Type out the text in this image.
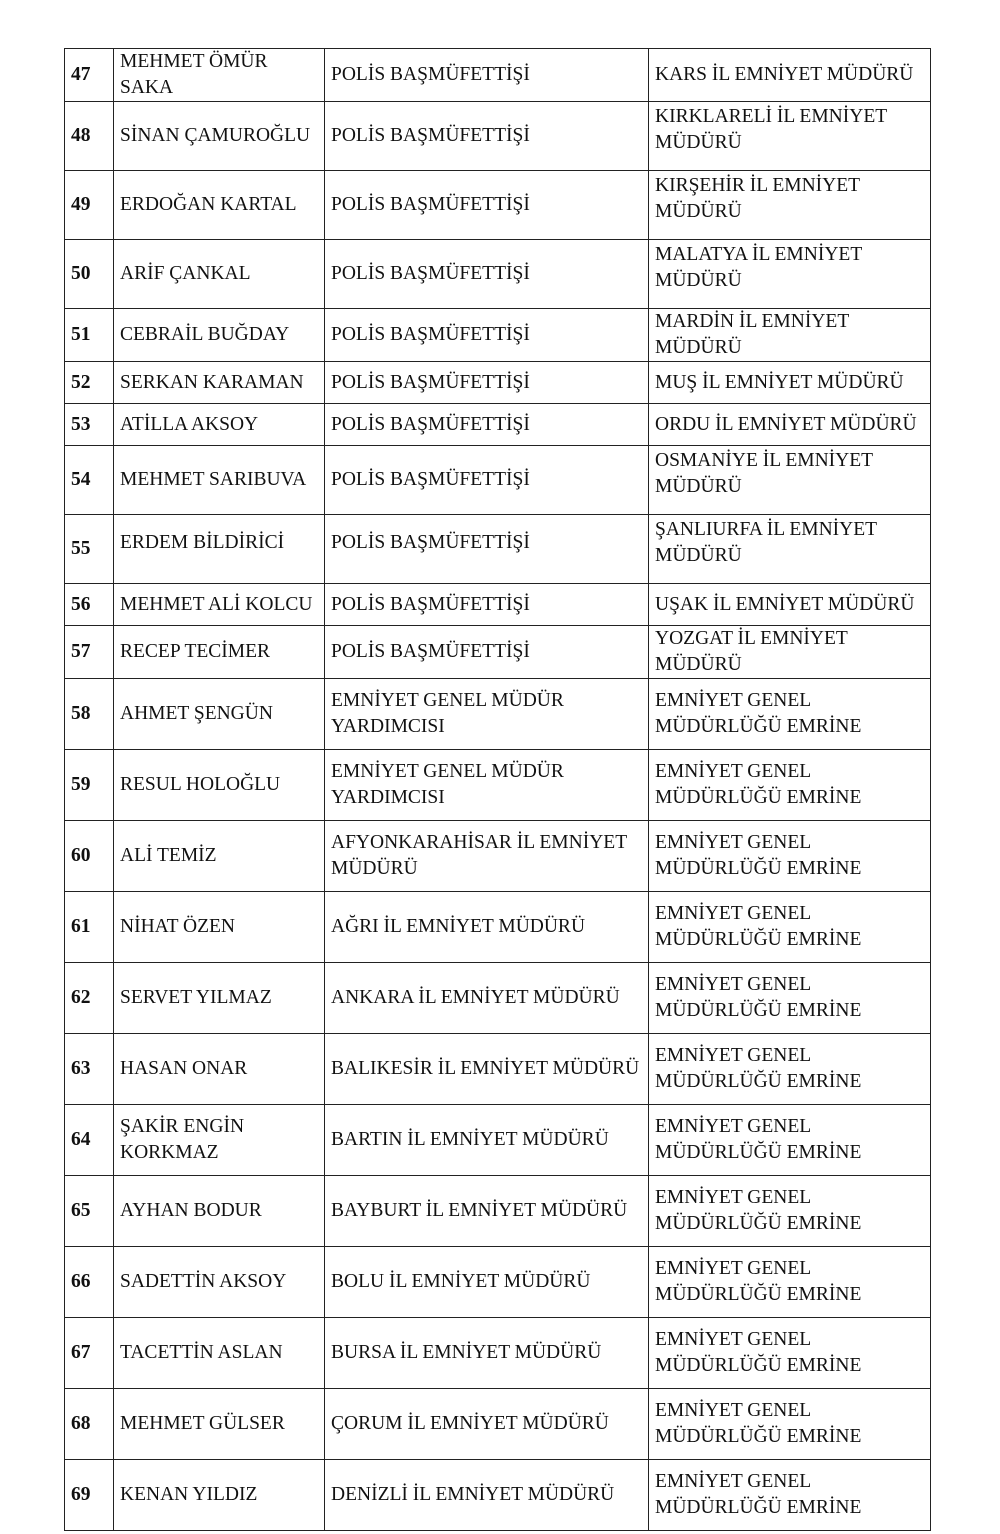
47	MEHMET ÖMÜR SAKA	POLİS BAŞMÜFETTİŞİ	KARS İL EMNİYET MÜDÜRÜ
48	SİNAN ÇAMUROĞLU	POLİS BAŞMÜFETTİŞİ	KIRKLARELİ İL EMNİYET MÜDÜRÜ

49	ERDOĞAN KARTAL	POLİS BAŞMÜFETTİŞİ	KIRŞEHİR İL EMNİYET MÜDÜRÜ

50	ARİF ÇANKAL	POLİS BAŞMÜFETTİŞİ	MALATYA İL EMNİYET MÜDÜRÜ

51	CEBRAİL BUĞDAY	POLİS BAŞMÜFETTİŞİ	MARDİN İL EMNİYET MÜDÜRÜ
52	SERKAN KARAMAN	POLİS BAŞMÜFETTİŞİ	MUŞ İL EMNİYET MÜDÜRÜ
53	ATİLLA AKSOY	POLİS BAŞMÜFETTİŞİ	ORDU İL EMNİYET MÜDÜRÜ
54	MEHMET SARIBUVA	POLİS BAŞMÜFETTİŞİ	OSMANİYE İL EMNİYET MÜDÜRÜ

55	ERDEM BİLDİRİCİ	POLİS BAŞMÜFETTİŞİ	ŞANLIURFA İL EMNİYET MÜDÜRÜ

56	MEHMET ALİ KOLCU	POLİS BAŞMÜFETTİŞİ	UŞAK İL EMNİYET MÜDÜRÜ
57	RECEP TECİMER	POLİS BAŞMÜFETTİŞİ	YOZGAT İL EMNİYET MÜDÜRÜ
58	AHMET ŞENGÜN	EMNİYET GENEL MÜDÜR YARDIMCISI	EMNİYET GENEL MÜDÜRLÜĞÜ EMRİNE
59	RESUL HOLOĞLU	EMNİYET GENEL MÜDÜR YARDIMCISI	EMNİYET GENEL MÜDÜRLÜĞÜ EMRİNE
60	ALİ TEMİZ	AFYONKARAHİSAR İL EMNİYET MÜDÜRÜ	EMNİYET GENEL MÜDÜRLÜĞÜ EMRİNE
61	NİHAT ÖZEN	AĞRI İL EMNİYET MÜDÜRÜ	EMNİYET GENEL MÜDÜRLÜĞÜ EMRİNE
62	SERVET YILMAZ	ANKARA İL EMNİYET MÜDÜRÜ	EMNİYET GENEL MÜDÜRLÜĞÜ EMRİNE
63	HASAN ONAR	BALIKESİR İL EMNİYET MÜDÜRÜ	EMNİYET GENEL MÜDÜRLÜĞÜ EMRİNE
64	ŞAKİR ENGİN KORKMAZ	BARTIN İL EMNİYET MÜDÜRÜ	EMNİYET GENEL MÜDÜRLÜĞÜ EMRİNE
65	AYHAN BODUR	BAYBURT İL EMNİYET MÜDÜRÜ	EMNİYET GENEL MÜDÜRLÜĞÜ EMRİNE
66	SADETTİN AKSOY	BOLU İL EMNİYET MÜDÜRÜ	EMNİYET GENEL MÜDÜRLÜĞÜ EMRİNE
67	TACETTİN ASLAN	BURSA İL EMNİYET MÜDÜRÜ	EMNİYET GENEL MÜDÜRLÜĞÜ EMRİNE
68	MEHMET GÜLSER	ÇORUM İL EMNİYET MÜDÜRÜ	EMNİYET GENEL MÜDÜRLÜĞÜ EMRİNE
69	KENAN YILDIZ	DENİZLİ İL EMNİYET MÜDÜRÜ	EMNİYET GENEL MÜDÜRLÜĞÜ EMRİNE
